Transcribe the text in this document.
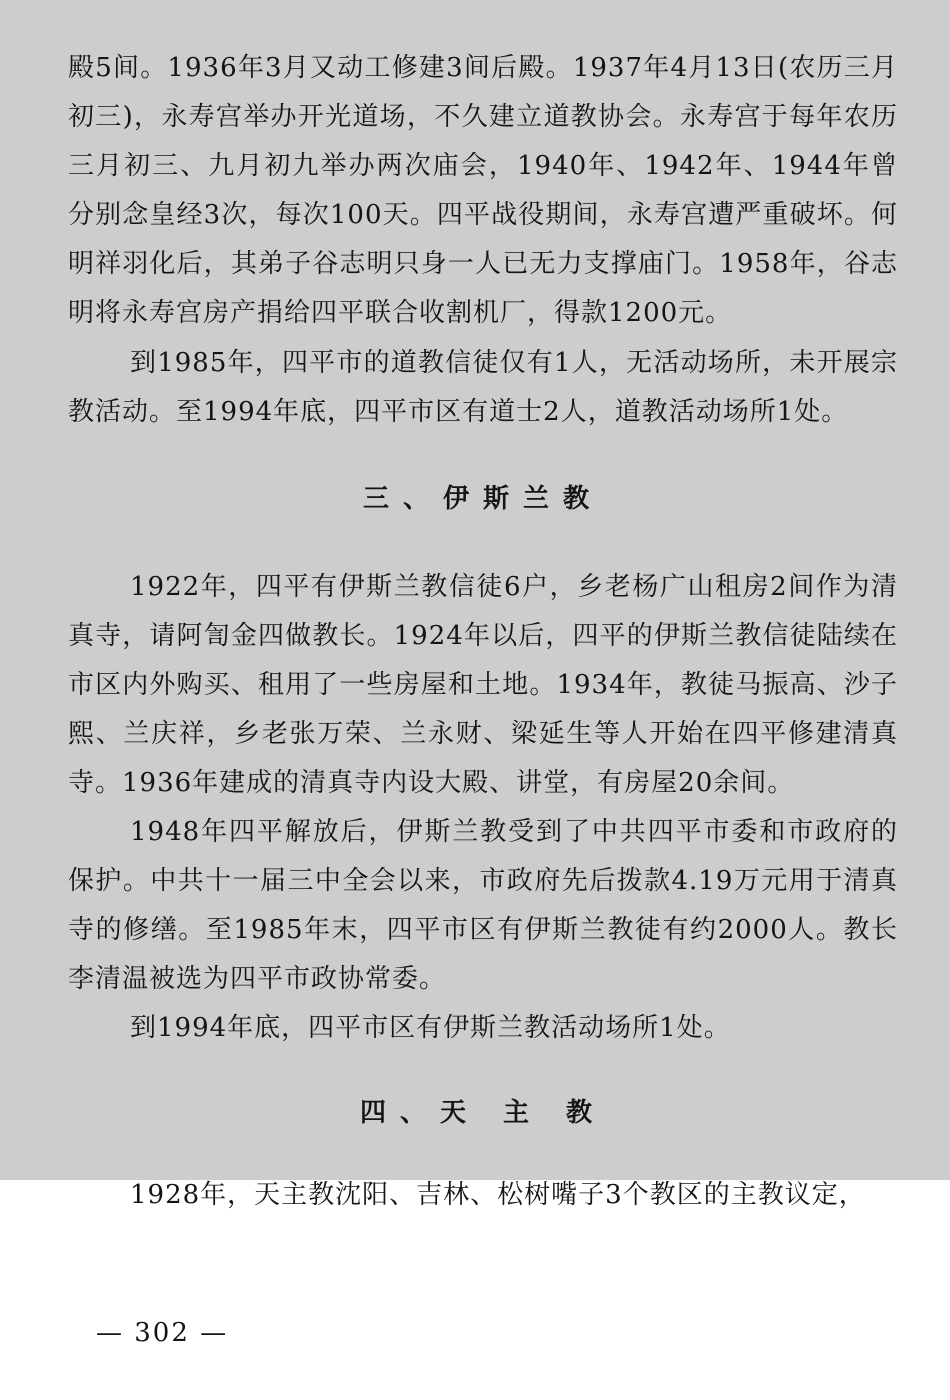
殿5间。1936年3月又动工修建3间后殿。1937年4月13日(农历三月初三)，永寿宫举办开光道场，不久建立道教协会。永寿宫于每年农历三月初三、九月初九举办两次庙会，1940年、1942年、1944年曾分别念皇经3次，每次100天。四平战役期间，永寿宫遭严重破坏。何明祥羽化后，其弟子谷志明只身一人已无力支撑庙门。1958年，谷志明将永寿宫房产捐给四平联合收割机厂，得款1200元。

到1985年，四平市的道教信徒仅有1人，无活动场所，未开展宗教活动。至1994年底，四平市区有道士2人，道教活动场所1处。

三、伊斯兰教

1922年，四平有伊斯兰教信徒6户，乡老杨广山租房2间作为清真寺，请阿訇金四做教长。1924年以后，四平的伊斯兰教信徒陆续在市区内外购买、租用了一些房屋和土地。1934年，教徒马振高、沙子熙、兰庆祥，乡老张万荣、兰永财、梁延生等人开始在四平修建清真寺。1936年建成的清真寺内设大殿、讲堂，有房屋20余间。

1948年四平解放后，伊斯兰教受到了中共四平市委和市政府的保护。中共十一届三中全会以来，市政府先后拨款4.19万元用于清真寺的修缮。至1985年末，四平市区有伊斯兰教徒有约2000人。教长李清温被选为四平市政协常委。

到1994年底，四平市区有伊斯兰教活动场所1处。

四、天 主 教

1928年，天主教沈阳、吉林、松树嘴子3个教区的主教议定，

— 302 —
